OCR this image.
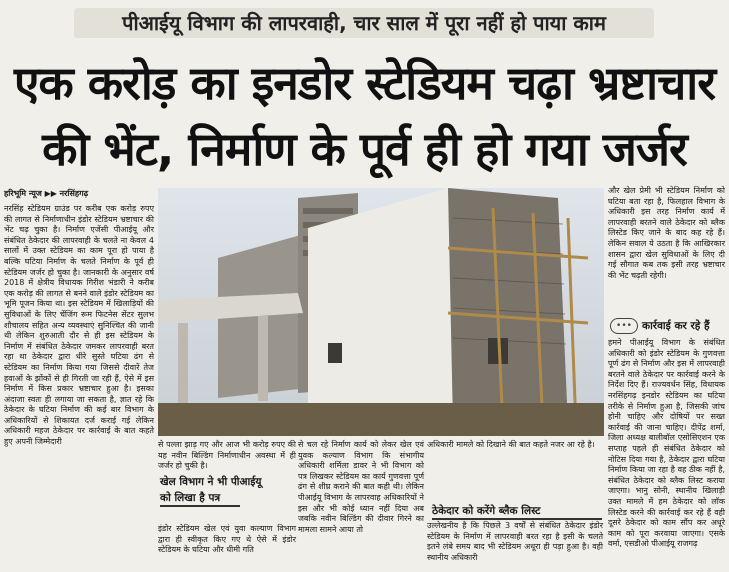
पीआईयू विभाग की लापरवाही, चार साल में पूरा नहीं हो पाया काम
एक करोड़ का इनडोर स्टेडियम चढ़ा भ्रष्टाचार
की भेंट, निर्माण के पूर्व ही हो गया जर्जर
हरिभूमि न्यूज ▶▶ नरसिंहगढ़
नरसिंह स्टेडियम ग्राउंड पर करीब एक करोड़ रुपए की लागत से निर्माणाधीन इंडोर स्टेडियम भ्रष्टाचार की भेंट चढ़ चुका है। निर्माण एजेंसी पीआईयू और संबंधित ठेकेदार की लापरवाही के चलते ना केवल 4 सालों में उक्त स्टेडियम का काम पूरा हो पाया है बल्कि घटिया निर्माण के चलते निर्माण के पूर्व ही स्टेडियम जर्जर हो चुका है। जानकारी के अनुसार वर्ष 2018 में क्षेत्रीय विधायक गिरीश भंडारी ने करीब एक करोड़ की लागत से बनने वाले इंडोर स्टेडियम का भूमि पूजन किया था। इस स्टेडियम में खिलाड़ियों की सुविधाओं के लिए चेंजिंग रूम फिटनेस सेंटर सुलभ शौचालय सहित अन्य व्यवस्थाएं सुनिश्चित की जानी थी लेकिन शुरुआती दौर से ही इस स्टेडियम के निर्माण में संबंधित ठेकेदार जमकर लापरवाही बरत रहा था ठेकेदार द्वारा धीरे सुस्ते घटिया ढंग से स्टेडियम का निर्माण किया गया जिससे दीवारें तेज हवाओं के झोंकों से ही गिरती जा रही हैं, ऐसे में इस निर्माण में किस प्रकार भ्रष्टाचार हुआ है। इसका अंदाजा स्वतः ही लगाया जा सकता है, ज्ञात रहे कि ठेकेदार के घटिया निर्माण की कई बार विभाग के अधिकारियों से शिकायत दर्ज कराई गई लेकिन अधिकारी महज ठेकेदार पर कार्रवाई के बात कहते हुए अपनी जिम्मेदारी	से पल्ला झाड़ गए और आज भी करोड़ रुपए की यह नवीन बिल्डिंग निर्माणाधीन अवस्था में ही जर्जर हो चुकी है।
से चल रहे निर्माण कार्य को लेकर खेल एवं युवक कल्याण विभाग कि संभागीय अधिकारी शर्मिला डावर ने भी विभाग को पत्र लिखकर स्टेडियम का कार्य गुणवत्ता पूर्ण ढंग से शीघ्र कराने की बात कही थी। लेकिन पीआईयू विभाग के लापरवाह अधिकारियों ने इस और भी कोई ध्यान नहीं दिया अब जबकि नवीन बिल्डिंग की दीवार गिरने का मामला सामने आया तो
अधिकारी मामले को दिखाने की बात कहते नजर आ रहे है।
और खेल प्रेमी भी स्टेडियम निर्माण को घटिया बता रहा है, फिलहाल विभाग के अधिकारी इस तरह निर्माण कार्य में लापरवाही बरतने वाले ठेकेदार को ब्लैक लिस्टेड किए जाने के बाद कह रहे हैं। लेकिन सवाल ये उठता है कि आखिरकार शासन द्वारा खेल सुविधाओं के लिए दी गई सौगात कब तक इसी तरह भ्रष्टाचार की भेंट चढ़ती रहेगी।
खेल विभाग ने भी पीआईयू
को लिखा है पत्र
इंडोर स्टेडियम खेल एवं युवा कल्याण विभाग द्वारा ही स्वीकृत किए गए थे ऐसे में इंडोर स्टेडियम के घटिया और धीमी गति
ठेकेदार को करेंगे ब्लैक लिस्ट
उल्लेखनीय है कि पिछले 3 वर्षों से संबंधित ठेकेदार इंडोर स्टेडियम के निर्माण में लापरवाही बरत रहा है इसी के चलते इतने लंबे समय बाद भी स्टेडियम अधूरा ही पड़ा हुआ है। वही स्थानीय अधिकारी
••• कार्रवाई कर रहे हैं
हमने पीआईयू विभाग के संबंधित अधिकारी को इंडोर स्टेडियम के गुणवत्ता पूर्ण ढंग से निर्माण और इस में लापरवाही बरतने वाले ठेकेदार पर कार्रवाई करने के निर्देश दिए हैं। राज्यवर्धन सिंह, विधायक नरसिंहगढ़ इनडोर स्टेडियम का घटिया तरीके से निर्माण हुआ है, जिसकी जांच होनी चाहिए और दोषियों पर सख्त कार्रवाई की जाना चाहिए। दीपेंद्र शर्मा, जिला अध्यक्ष बालीबॉल एसोसिएशन एक सप्ताह पहले ही संबंधित ठेकेदार को नोटिस दिया गया है, ठेकेदार द्वारा घटिया निर्माण किया जा रहा है वह ठीक नहीं है, संबंधित ठेकेदार को ब्लैक लिस्ट कराया जाएगा। भानु सोनी, स्थानीय खिलाड़ी उक्त मामले में हम ठेकेदार को लॉक लिस्टेड करने की कार्रवाई कर रहे हैं वही दूसरे ठेकेदार को काम सौंप कर अधूरे काम को पूरा करवाया जाएगा। एसके वर्मा, एसडीओ पीआईयू राजगढ़
